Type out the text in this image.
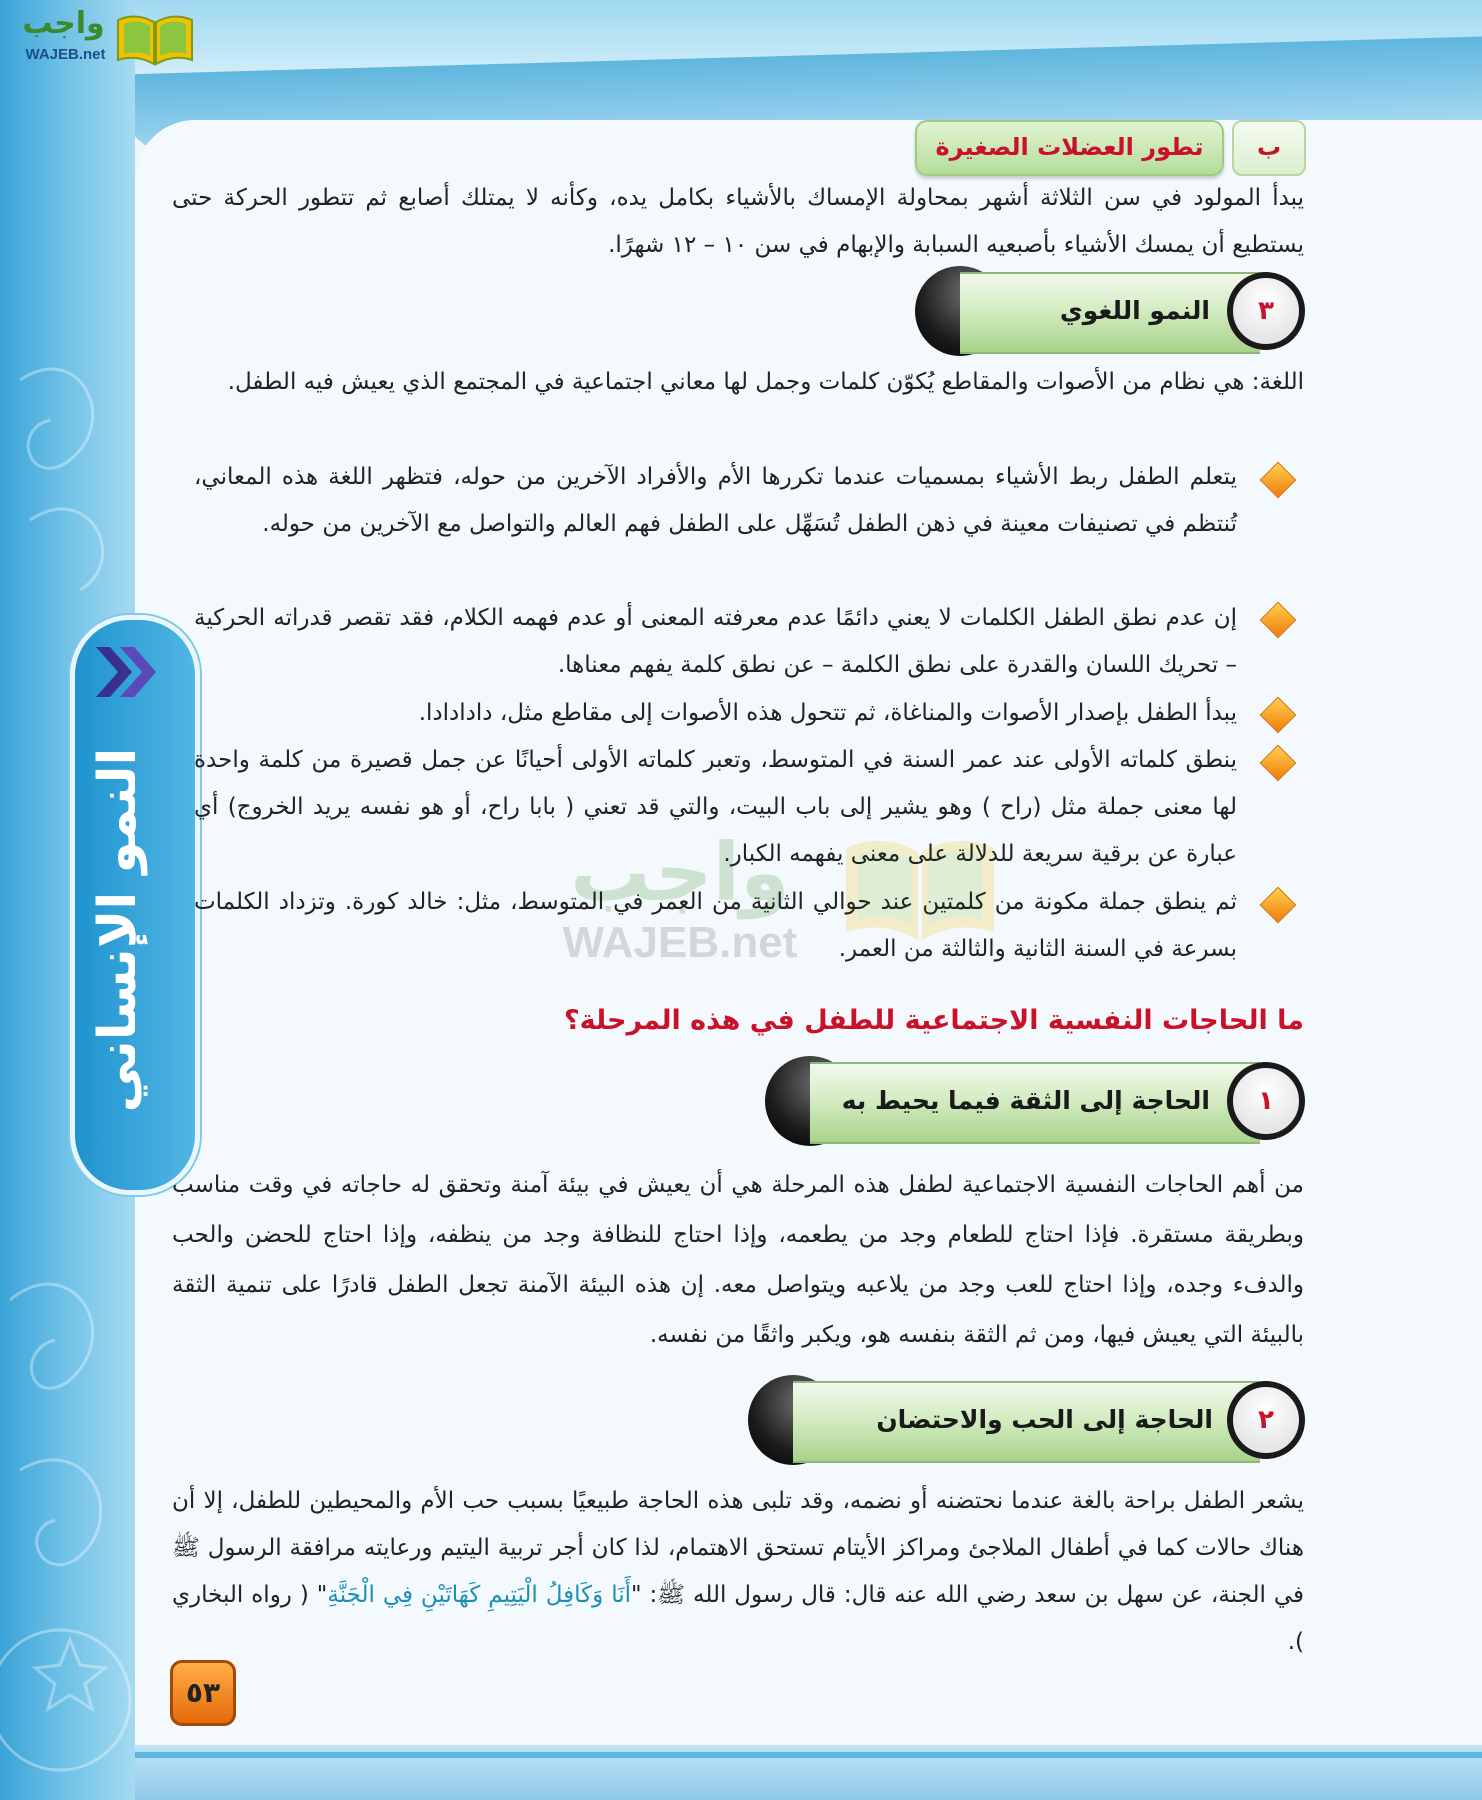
واجب
WAJEB.net
النمو الإنساني	واجب
WAJEB.net
ب
تطور العضلات الصغيرة
يبدأ المولود في سن الثلاثة أشهر بمحاولة الإمساك بالأشياء بكامل يده، وكأنه لا يمتلك أصابع ثم تتطور الحركة حتى يستطيع أن يمسك الأشياء بأصبعيه السبابة والإبهام في سن ١٠ – ١٢ شهرًا.
النمو اللغوي	٣
اللغة: هي نظام من الأصوات والمقاطع يُكوّن كلمات وجمل لها معاني اجتماعية في المجتمع الذي يعيش فيه الطفل.
يتعلم الطفل ربط الأشياء بمسميات عندما تكررها الأم والأفراد الآخرين من حوله، فتظهر اللغة هذه المعاني، تُنتظم في تصنيفات معينة في ذهن الطفل تُسَهِّل على الطفل فهم العالم والتواصل مع الآخرين من حوله.
إن عدم نطق الطفل الكلمات لا يعني دائمًا عدم معرفته المعنى أو عدم فهمه الكلام، فقد تقصر قدراته الحركية – تحريك اللسان والقدرة على نطق الكلمة – عن نطق كلمة يفهم معناها.
يبدأ الطفل بإصدار الأصوات والمناغاة، ثم تتحول هذه الأصوات إلى مقاطع مثل، دادادادا.
ينطق كلماته الأولى عند عمر السنة في المتوسط، وتعبر كلماته الأولى أحيانًا عن جمل قصيرة من كلمة واحدة لها معنى جملة مثل (راح ) وهو يشير إلى باب البيت، والتي قد تعني ( بابا راح، أو هو نفسه يريد الخروج) أي عبارة عن برقية سريعة للدلالة على معنى يفهمه الكبار.
ثم ينطق جملة مكونة من كلمتين عند حوالي الثانية من العمر في المتوسط، مثل: خالد كورة. وتزداد الكلمات بسرعة في السنة الثانية والثالثة من العمر.
ما الحاجات النفسية الاجتماعية للطفل في هذه المرحلة؟
الحاجة إلى الثقة فيما يحيط به	١
من أهم الحاجات النفسية الاجتماعية لطفل هذه المرحلة هي أن يعيش في بيئة آمنة وتحقق له حاجاته في وقت مناسب وبطريقة مستقرة. فإذا احتاج للطعام وجد من يطعمه، وإذا احتاج للنظافة وجد من ينظفه، وإذا احتاج للحضن والحب والدفء وجده، وإذا احتاج للعب وجد من يلاعبه ويتواصل معه. إن هذه البيئة الآمنة تجعل الطفل قادرًا على تنمية الثقة بالبيئة التي يعيش فيها، ومن ثم الثقة بنفسه هو، ويكبر واثقًا من نفسه.
الحاجة إلى الحب والاحتضان	٢
يشعر الطفل براحة بالغة عندما نحتضنه أو نضمه، وقد تلبى هذه الحاجة طبيعيًا بسبب حب الأم والمحيطين للطفل، إلا أن هناك حالات كما في أطفال الملاجئ ومراكز الأيتام تستحق الاهتمام، لذا كان أجر تربية اليتيم ورعايته مرافقة الرسول ﷺ في الجنة، عن سهل بن سعد رضي الله عنه قال: قال رسول الله ﷺ: "أَنَا وَكَافِلُ الْيَتِيمِ كَهَاتَيْنِ فِي الْجَنَّةِ" ( رواه البخاري ).
٥٣
